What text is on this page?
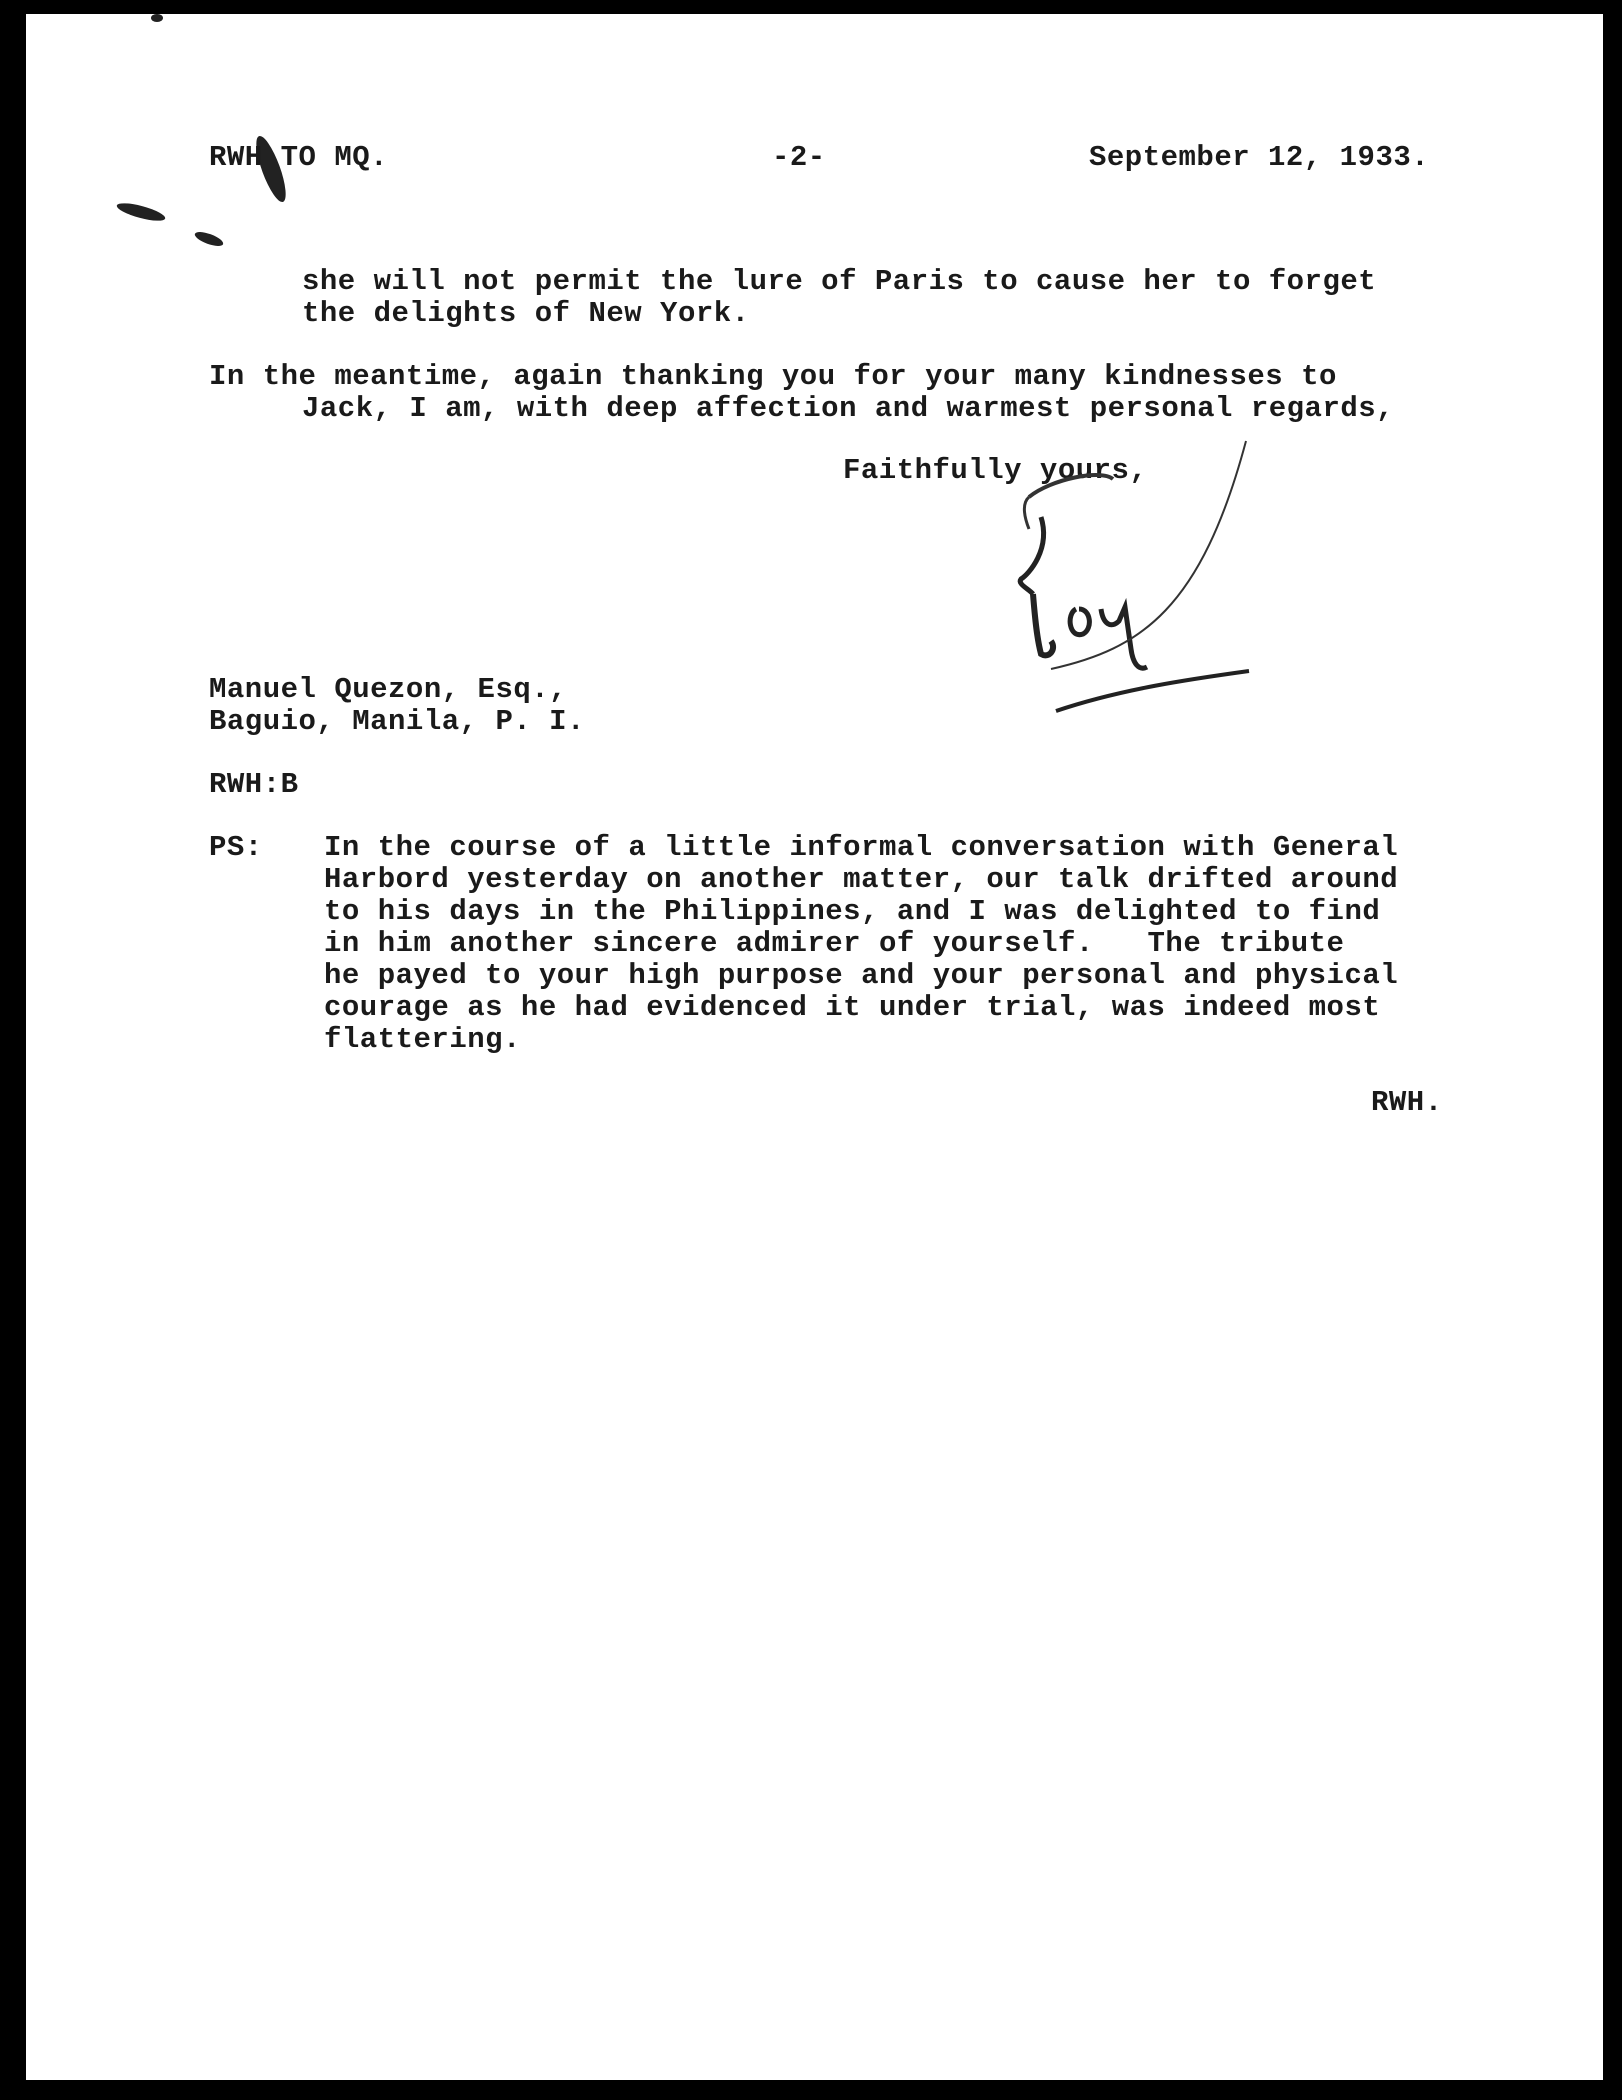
RWH TO MQ.	-2-	September 12, 1933.
she will not permit the lure of Paris to cause her to forget
the delights of New York.
In the meantime, again thanking you for your many kindnesses to
Jack, I am, with deep affection and warmest personal regards,
Faithfully yours,
Manuel Quezon, Esq.,
Baguio, Manila, P. I.
RWH:B
PS: In the course of a little informal conversation with General
Harbord yesterday on another matter, our talk drifted around
to his days in the Philippines, and I was delighted to find
in him another sincere admirer of yourself.   The tribute
he payed to your high purpose and your personal and physical
courage as he had evidenced it under trial, was indeed most
flattering.
RWH.
